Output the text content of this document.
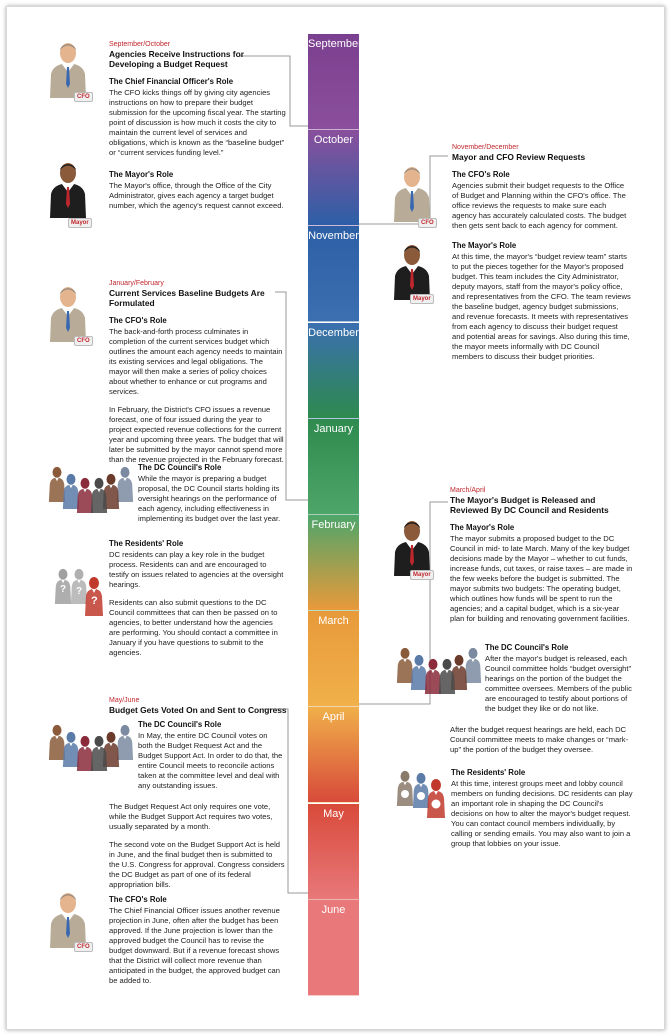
September
October
November
December
January
February
March
April
May
June
CFO
Mayor
September/October
Agencies Receive Instructions for Developing a Budget Request
The Chief Financial Officer's Role

The CFO kicks things off by giving city agencies instructions on how to prepare their budget submission for the upcoming fiscal year. The starting point of discussion is how much it costs the city to maintain the current level of services and obligations, which is known as the “baseline budget” or “current services funding level.”

The Mayor's Role

The Mayor's office, through the Office of the City Administrator, gives each agency a target budget number, which the agency's request cannot exceed.

CFO
Mayor
November/December
Mayor and CFO Review Requests
The CFO's Role

Agencies submit their budget requests to the Office of Budget and Planning within the CFO's office. The office reviews the requests to make sure each agency has accurately calculated costs. The budget then gets sent back to each agency for comment.

The Mayor's Role

At this time, the mayor's “budget review team” starts to put the pieces together for the Mayor's proposed budget. This team includes the City Administrator, deputy mayors, staff from the mayor's policy office, and representatives from the CFO. The team reviews the baseline budget, agency budget submissions, and revenue forecasts. It meets with representatives from each agency to discuss their budget request and potential areas for savings. Also during this time, the mayor meets informally with DC Council members to discuss their budget priorities.

CFO
? ?
?
January/February
Current Services Baseline Budgets Are Formulated
The CFO's Role

The back-and-forth process culminates in completion of the current services budget which outlines the amount each agency needs to maintain its existing services and legal obligations. The mayor will then make a series of policy choices about whether to enhance or cut programs and services.

In February, the District's CFO issues a revenue forecast, one of four issued during the year to project expected revenue collections for the current year and upcoming three years. The budget that will later be submitted by the mayor cannot spend more than the revenue projected in the February forecast.

The DC Council's Role

While the mayor is preparing a budget proposal, the DC Council starts holding its oversight hearings on the performance of each agency, including effectiveness in implementing its budget over the last year.

The Residents' Role

DC residents can play a key role in the budget process. Residents can and are encouraged to testify on issues related to agencies at the oversight hearings.

Residents can also submit questions to the DC Council committees that can then be passed on to agencies, to better understand how the agencies are performing. You should contact a committee in January if you have questions to submit to the agencies.

Mayor
March/April
The Mayor's Budget is Released and Reviewed By DC Council and Residents
The Mayor's Role

The mayor submits a proposed budget to the DC Council in mid- to late March. Many of the key budget decisions made by the Mayor – whether to cut funds, increase funds, cut taxes, or raise taxes – are made in the few weeks before the budget is submitted. The mayor submits two budgets: The operating budget, which outlines how funds will be spent to run the agencies; and a capital budget, which is a six-year plan for building and renovating government facilities.

The DC Council's Role

After the mayor's budget is released, each Council committee holds “budget oversight” hearings on the portion of the budget the committee oversees. Members of the public are encouraged to testify about portions of the budget they like or do not like.

After the budget request hearings are held, each DC Council committee meets to make changes or “mark-up” the portion of the budget they oversee.

The Residents' Role

At this time, interest groups meet and lobby council members on funding decisions. DC residents can play an important role in shaping the DC Council's decisions on how to alter the mayor's budget request. You can contact council members individually, by calling or sending emails. You may also want to join a group that lobbies on your issue.

CFO
May/June
Budget Gets Voted On and Sent to Congress
The DC Council's Role

In May, the entire DC Council votes on both the Budget Request Act and the Budget Support Act. In order to do that, the entire Council meets to reconcile actions taken at the committee level and deal with any outstanding issues.

The Budget Request Act only requires one vote, while the Budget Support Act requires two votes, usually separated by a month.

The second vote on the Budget Support Act is held in June, and the final budget then is submitted to the U.S. Congress for approval. Congress considers the DC Budget as part of one of its federal appropriation bills.

The CFO's Role

The Chief Financial Officer issues another revenue projection in June, often after the budget has been approved. If the June projection is lower than the approved budget the Council has to revise the budget downward. But if a revenue forecast shows that the District will collect more revenue than anticipated in the budget, the approved budget can be added to.
